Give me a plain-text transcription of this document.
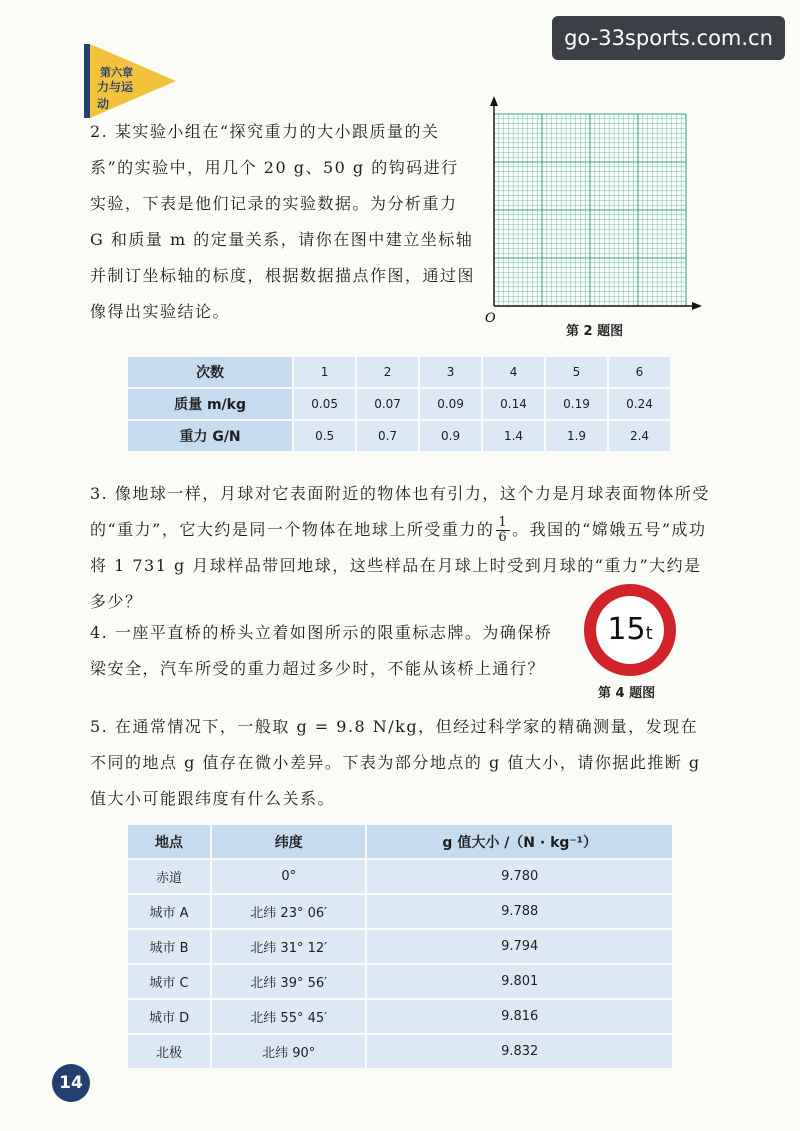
第六章
力与运动
go-33sports.com.cn

2. 某实验小组在“探究重力的大小跟质量的关系”的实验中，用几个 20 g、50 g 的钩码进行实验，下表是他们记录的实验数据。为分析重力 G 和质量 m 的定量关系，请你在图中建立坐标轴并制订坐标轴的标度，根据数据描点作图，通过图像得出实验结论。	O
第 2 题图
次数	1	2	3	4	5	6
质量 m/kg	0.05	0.07	0.09	0.14	0.19	0.24
重力 G/N	0.5	0.7	0.9	1.4	1.9	2.4

3. 像地球一样，月球对它表面附近的物体也有引力，这个力是月球表面物体所受的“重力”，它大约是同一个物体在地球上所受重力的 $\frac{1}{6}$ 。我国的“嫦娥五号”成功将 1 731 g 月球样品带回地球，这些样品在月球上时受到月球的“重力”大约是多少？

4. 一座平直桥的桥头立着如图所示的限重标志牌。为确保桥梁安全，汽车所受的重力超过多少时，不能从该桥上通行？

15t
第 4 题图

5. 在通常情况下，一般取 g = 9.8 N/kg，但经过科学家的精确测量，发现在不同的地点 g 值存在微小差异。下表为部分地点的 g 值大小，请你据此推断 g 值大小可能跟纬度有什么关系。

地点	纬度	g 值大小 /（N · kg⁻¹）
赤道	0°	9.780
城市 A	北纬 23° 06′	9.788
城市 B	北纬 31° 12′	9.794
城市 C	北纬 39° 56′	9.801
城市 D	北纬 55° 45′	9.816
北极	北纬 90°	9.832
14
